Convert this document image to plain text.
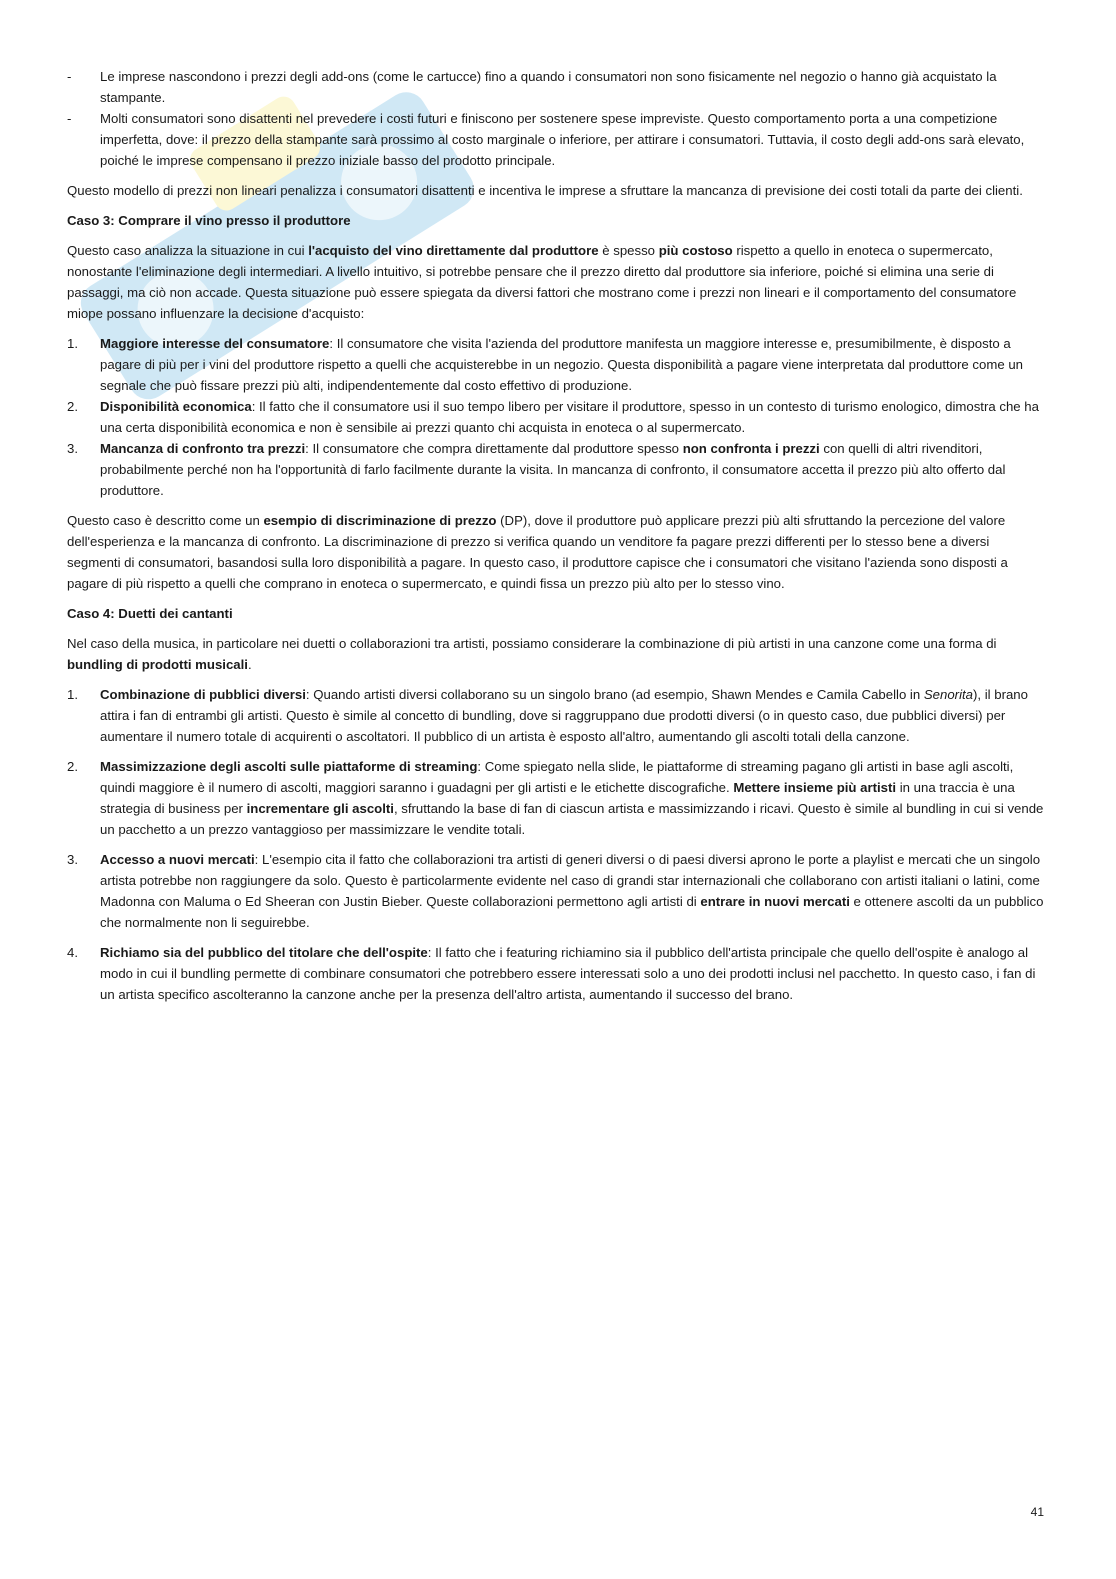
- Le imprese nascondono i prezzi degli add-ons (come le cartucce) fino a quando i consumatori non sono fisicamente nel negozio o hanno già acquistato la stampante.
- Molti consumatori sono disattenti nel prevedere i costi futuri e finiscono per sostenere spese impreviste. Questo comportamento porta a una competizione imperfetta, dove: il prezzo della stampante sarà prossimo al costo marginale o inferiore, per attirare i consumatori. Tuttavia, il costo degli add-ons sarà elevato, poiché le imprese compensano il prezzo iniziale basso del prodotto principale.

Questo modello di prezzi non lineari penalizza i consumatori disattenti e incentiva le imprese a sfruttare la mancanza di previsione dei costi totali da parte dei clienti.

Caso 3: Comprare il vino presso il produttore

Questo caso analizza la situazione in cui l'acquisto del vino direttamente dal produttore è spesso più costoso rispetto a quello in enoteca o supermercato, nonostante l'eliminazione degli intermediari. A livello intuitivo, si potrebbe pensare che il prezzo diretto dal produttore sia inferiore, poiché si elimina una serie di passaggi, ma ciò non accade. Questa situazione può essere spiegata da diversi fattori che mostrano come i prezzi non lineari e il comportamento del consumatore miope possano influenzare la decisione d'acquisto:

1. Maggiore interesse del consumatore: Il consumatore che visita l'azienda del produttore manifesta un maggiore interesse e, presumibilmente, è disposto a pagare di più per i vini del produttore rispetto a quelli che acquisterebbe in un negozio. Questa disponibilità a pagare viene interpretata dal produttore come un segnale che può fissare prezzi più alti, indipendentemente dal costo effettivo di produzione.
2. Disponibilità economica: Il fatto che il consumatore usi il suo tempo libero per visitare il produttore, spesso in un contesto di turismo enologico, dimostra che ha una certa disponibilità economica e non è sensibile ai prezzi quanto chi acquista in enoteca o al supermercato.
3. Mancanza di confronto tra prezzi: Il consumatore che compra direttamente dal produttore spesso non confronta i prezzi con quelli di altri rivenditori, probabilmente perché non ha l'opportunità di farlo facilmente durante la visita. In mancanza di confronto, il consumatore accetta il prezzo più alto offerto dal produttore.

Questo caso è descritto come un esempio di discriminazione di prezzo (DP), dove il produttore può applicare prezzi più alti sfruttando la percezione del valore dell'esperienza e la mancanza di confronto. La discriminazione di prezzo si verifica quando un venditore fa pagare prezzi differenti per lo stesso bene a diversi segmenti di consumatori, basandosi sulla loro disponibilità a pagare. In questo caso, il produttore capisce che i consumatori che visitano l'azienda sono disposti a pagare di più rispetto a quelli che comprano in enoteca o supermercato, e quindi fissa un prezzo più alto per lo stesso vino.

Caso 4: Duetti dei cantanti

Nel caso della musica, in particolare nei duetti o collaborazioni tra artisti, possiamo considerare la combinazione di più artisti in una canzone come una forma di bundling di prodotti musicali.

1. Combinazione di pubblici diversi: Quando artisti diversi collaborano su un singolo brano (ad esempio, Shawn Mendes e Camila Cabello in Senorita), il brano attira i fan di entrambi gli artisti. Questo è simile al concetto di bundling, dove si raggruppano due prodotti diversi (o in questo caso, due pubblici diversi) per aumentare il numero totale di acquirenti o ascoltatori. Il pubblico di un artista è esposto all'altro, aumentando gli ascolti totali della canzone.
2. Massimizzazione degli ascolti sulle piattaforme di streaming: Come spiegato nella slide, le piattaforme di streaming pagano gli artisti in base agli ascolti, quindi maggiore è il numero di ascolti, maggiori saranno i guadagni per gli artisti e le etichette discografiche. Mettere insieme più artisti in una traccia è una strategia di business per incrementare gli ascolti, sfruttando la base di fan di ciascun artista e massimizzando i ricavi. Questo è simile al bundling in cui si vende un pacchetto a un prezzo vantaggioso per massimizzare le vendite totali.
3. Accesso a nuovi mercati: L'esempio cita il fatto che collaborazioni tra artisti di generi diversi o di paesi diversi aprono le porte a playlist e mercati che un singolo artista potrebbe non raggiungere da solo. Questo è particolarmente evidente nel caso di grandi star internazionali che collaborano con artisti italiani o latini, come Madonna con Maluma o Ed Sheeran con Justin Bieber. Queste collaborazioni permettono agli artisti di entrare in nuovi mercati e ottenere ascolti da un pubblico che normalmente non li seguirebbe.
4. Richiamo sia del pubblico del titolare che dell'ospite: Il fatto che i featuring richiamino sia il pubblico dell'artista principale che quello dell'ospite è analogo al modo in cui il bundling permette di combinare consumatori che potrebbero essere interessati solo a uno dei prodotti inclusi nel pacchetto. In questo caso, i fan di un artista specifico ascolteranno la canzone anche per la presenza dell'altro artista, aumentando il successo del brano.
41
